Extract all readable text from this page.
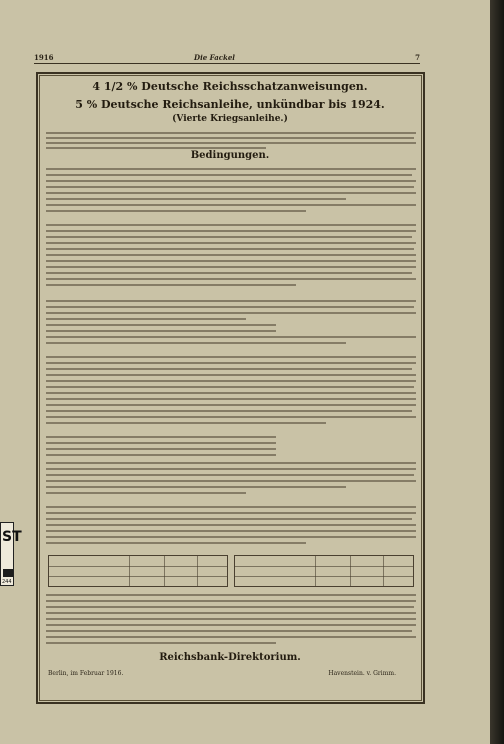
1916	Die Fackel	7
4 1/2 % Deutsche Reichsschatzanweisungen.
5 % Deutsche Reichsanleihe, unkündbar bis 1924.
(Vierte Kriegsanleihe.)
Bedingungen.
Reichsbank-Direktorium.
Berlin, im Februar 1916.	Havenstein. v. Grimm.
ST
244
